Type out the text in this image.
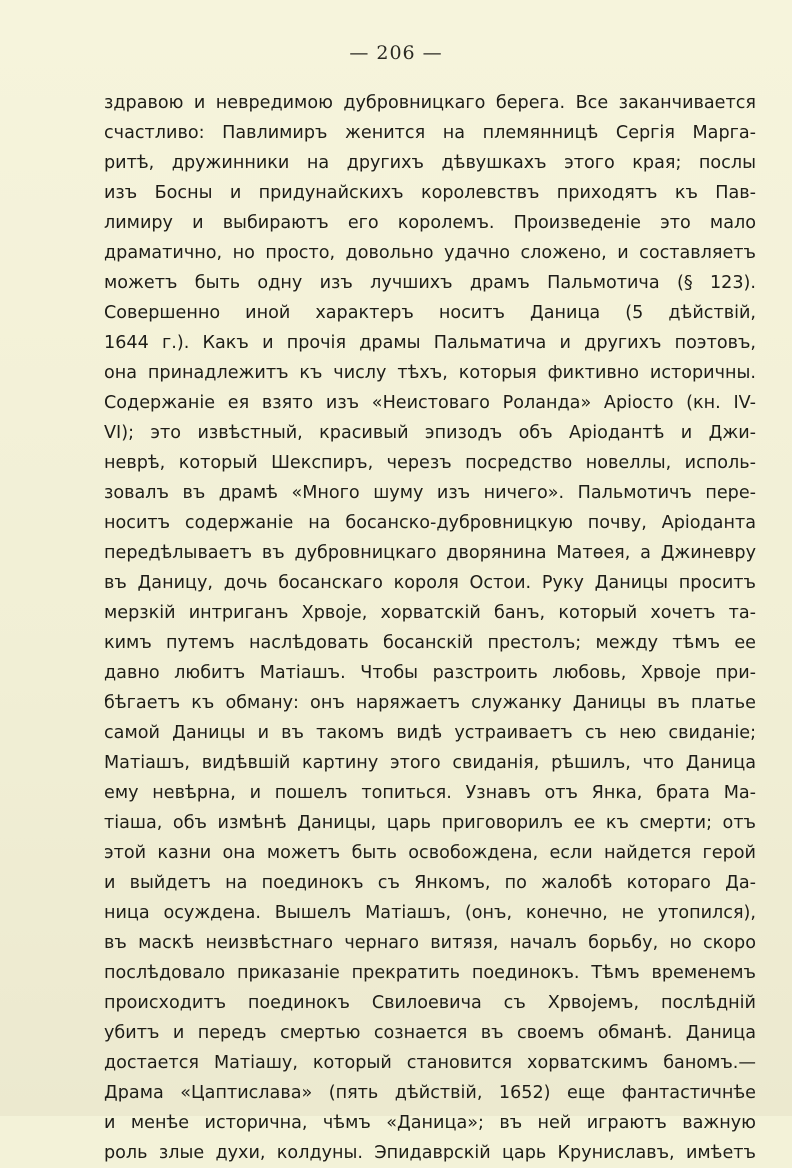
— 206 —
здравою и невредимою дубровницкаго берега. Все заканчивается
счастливо: Павлимиръ женится на племянницѣ Сергія Марга-
ритѣ, дружинники на другихъ дѣвушкахъ этого края; послы
изъ Босны и придунайскихъ королевствъ приходятъ къ Пав-
лимиру и выбираютъ его королемъ. Произведеніе это мало
драматично, но просто, довольно удачно сложено, и составляетъ
можетъ быть одну изъ лучшихъ драмъ Пальмотича (§ 123).
Совершенно иной характеръ носитъ Даница (5 дѣйствій,
1644 г.). Какъ и прочія драмы Пальматича и другихъ поэтовъ,
она принадлежитъ къ числу тѣхъ, которыя фиктивно историчны.
Содержаніе ея взято изъ «Неистоваго Роланда» Аріосто (кн. IV-
VI); это извѣстный, красивый эпизодъ объ Аріодантѣ и Джи-
неврѣ, который Шекспиръ, черезъ посредство новеллы, исполь-
зовалъ въ драмѣ «Много шуму изъ ничего». Пальмотичъ пере-
носитъ содержаніе на босанско-дубровницкую почву, Аріоданта
передѣлываетъ въ дубровницкаго дворянина Матѳея, а Джиневру
въ Даницу, дочь босанскаго короля Остои. Руку Даницы проситъ
мерзкій интриганъ Хрвоје, хорватскій банъ, который хочетъ та-
кимъ путемъ наслѣдовать босанскій престолъ; между тѣмъ ее
давно любитъ Матіашъ. Чтобы разстроить любовь, Хрвоје при-
бѣгаетъ къ обману: онъ наряжаетъ служанку Даницы въ платье
самой Даницы и въ такомъ видѣ устраиваетъ съ нею свиданіе;
Матіашъ, видѣвшій картину этого свиданія, рѣшилъ, что Даница
ему невѣрна, и пошелъ топиться. Узнавъ отъ Янка, брата Ма-
тіаша, объ измѣнѣ Даницы, царь приговорилъ ее къ смерти; отъ
этой казни она можетъ быть освобождена, если найдется герой
и выйдетъ на поединокъ съ Янкомъ, по жалобѣ котораго Да-
ница осуждена. Вышелъ Матіашъ, (онъ, конечно, не утопился),
въ маскѣ неизвѣстнаго чернаго витязя, началъ борьбу, но скоро
послѣдовало приказаніе прекратить поединокъ. Тѣмъ временемъ
происходитъ поединокъ Свилоевича съ Хрвојемъ, послѣдній
убитъ и передъ смертью сознается въ своемъ обманѣ. Даница
достается Матіашу, который становится хорватскимъ баномъ.—
Драма «Цаптислава» (пять дѣйствій, 1652) еще фантастичнѣе
и менѣе исторична, чѣмъ «Даница»; въ ней играютъ важную
роль злые духи, колдуны. Эпидаврскій царь Круниславъ, имѣетъ
